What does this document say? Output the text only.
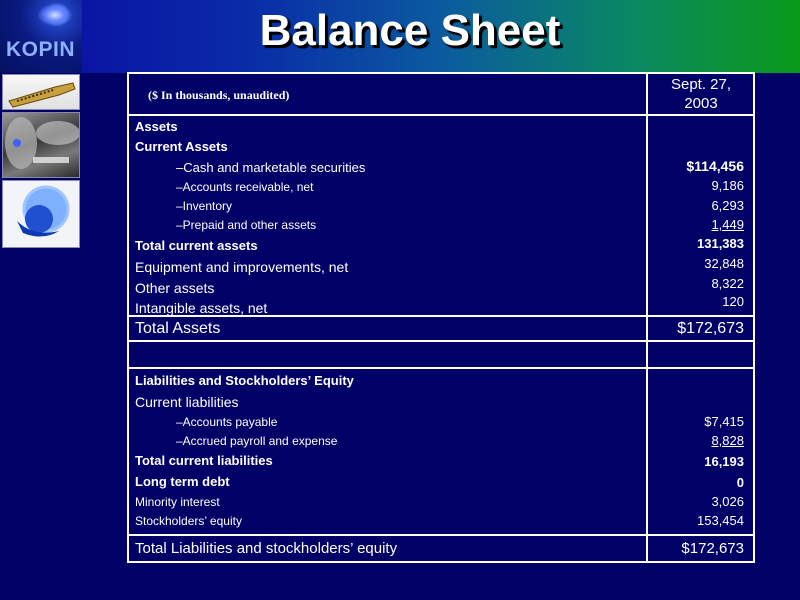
Balance Sheet
KOPIN
($ In thousands, unaudited)
Sept. 27,
2003
Assets
Current Assets
–Cash and marketable securities	$114,456
–Accounts receivable, net	9,186
–Inventory	6,293
–Prepaid and other assets	1,449
Total current assets	131,383
Equipment and improvements, net	32,848
Other assets	8,322
Intangible assets, net	120
Total Assets	$172,673
Liabilities and Stockholders’ Equity
Current liabilities
–Accounts payable	$7,415
–Accrued payroll and expense	8,828
Total current liabilities	16,193
Long term debt	0
Minority interest	3,026
Stockholders’ equity	153,454
Total Liabilities and stockholders’ equity	$172,673
